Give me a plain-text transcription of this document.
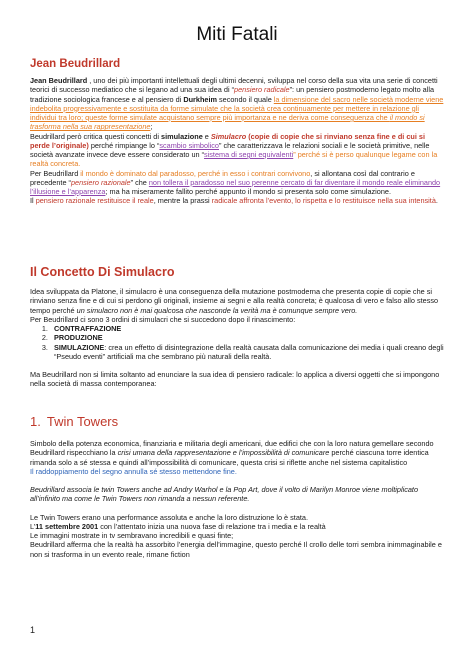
Miti Fatali
Jean Beudrillard

Jean Beudrillard , uno dei più importanti intellettuali degli ultimi decenni, sviluppa nel corso della sua vita una serie di concetti teorici di successo mediatico che si legano ad una sua idea di “pensiero radicale”: un pensiero postmoderno legato molto alla tradizione sociologica francese e al pensiero di Durkheim secondo il quale la dimensione del sacro nelle società moderne viene indebolita progressivamente e sostituita da forme simulate che la società crea continuamente per mettere in relazione gli individui tra loro; queste forme simulate acquistano sempre più importanza e ne deriva come conseguenza che il mondo si trasforma nella sua rappresentazione;

Beudrillard però critica questi concetti di simulazione e Simulacro (copie di copie che si rinviano senza fine e di cui si perde l’originale) perché rimpiange lo “scambio simbolico” che caratterizzava le relazioni sociali e le società primitive, nelle società avanzate invece deve essere considerato un “sistema di segni equivalenti” perché si è perso qualunque legame con la realtà concreta.

Per Beudrillard il mondo è dominato dal paradosso, perché in esso i contrari convivono, si allontana così dal contrario e precedente “pensiero razionale” che non tollera il paradosso nel suo perenne cercato di far diventare il mondo reale eliminando l’illusione e l’apparenza; ma ha miseramente fallito perché appunto il mondo si presenta solo come simulazione.

Il pensiero razionale restituisce il reale, mentre la prassi radicale affronta l’evento, lo rispetta e lo restituisce nella sua intensità.

Il Concetto Di Simulacro

Idea sviluppata da Platone, il simulacro è una conseguenza della mutazione postmoderna che presenta copie di copie che si rinviano senza fine e di cui si perdono gli originali, insieme ai segni e alla realtà concreta; è qualcosa di vero e falso allo stesso tempo perché un simulacro non è mai qualcosa che nasconde la verità ma è comunque sempre vero.

Per Beudrillard ci sono 3 ordini di simulacri che si succedono dopo il rinascimento:

1. CONTRAFFAZIONE
2. PRODUZIONE
3. SIMULAZIONE: crea un effetto di disintegrazione della realtà causata dalla comunicazione dei media i quali creano degli “Pseudo eventi” artificiali ma che sembrano più naturali della realtà.

Ma Beudrillard non si limita soltanto ad enunciare la sua idea di pensiero radicale: lo applica a diversi oggetti che si impongono nella società di massa contemporanea:

1. Twin Towers

Simbolo della potenza economica, finanziaria e militaria degli americani, due edifici che con la loro natura gemellare secondo Beudrillard rispecchiano la crisi umana della rappresentazione e l’impossibilità di comunicare perché ciascuna torre identica rimanda solo a sé stessa e quindi all’impossibilità di comunicare, questa crisi si riflette anche nel sistema capitalistico

Il raddoppiamento del segno annulla sé stesso mettendone fine.

Beudrillard associa le twin Towers anche ad Andry Warhol e la Pop Art, dove il volto di Marilyn Monroe viene moltiplicato all’infinito ma come le Twin Towers non rimanda a nessun referente.

Le Twin Towers erano una performance assoluta e anche la loro distruzione lo è stata.

L’11 settembre 2001 con l’attentato inizia una nuova fase di relazione tra i media e la realtà

Le immagini mostrate in tv sembravano incredibili e quasi finte;

Beudrillard afferma che la realtà ha assorbito l’energia dell’immagine, questo perché Il crollo delle torri sembra inimmaginabile e non si trasforma in un evento reale, rimane fiction

1
